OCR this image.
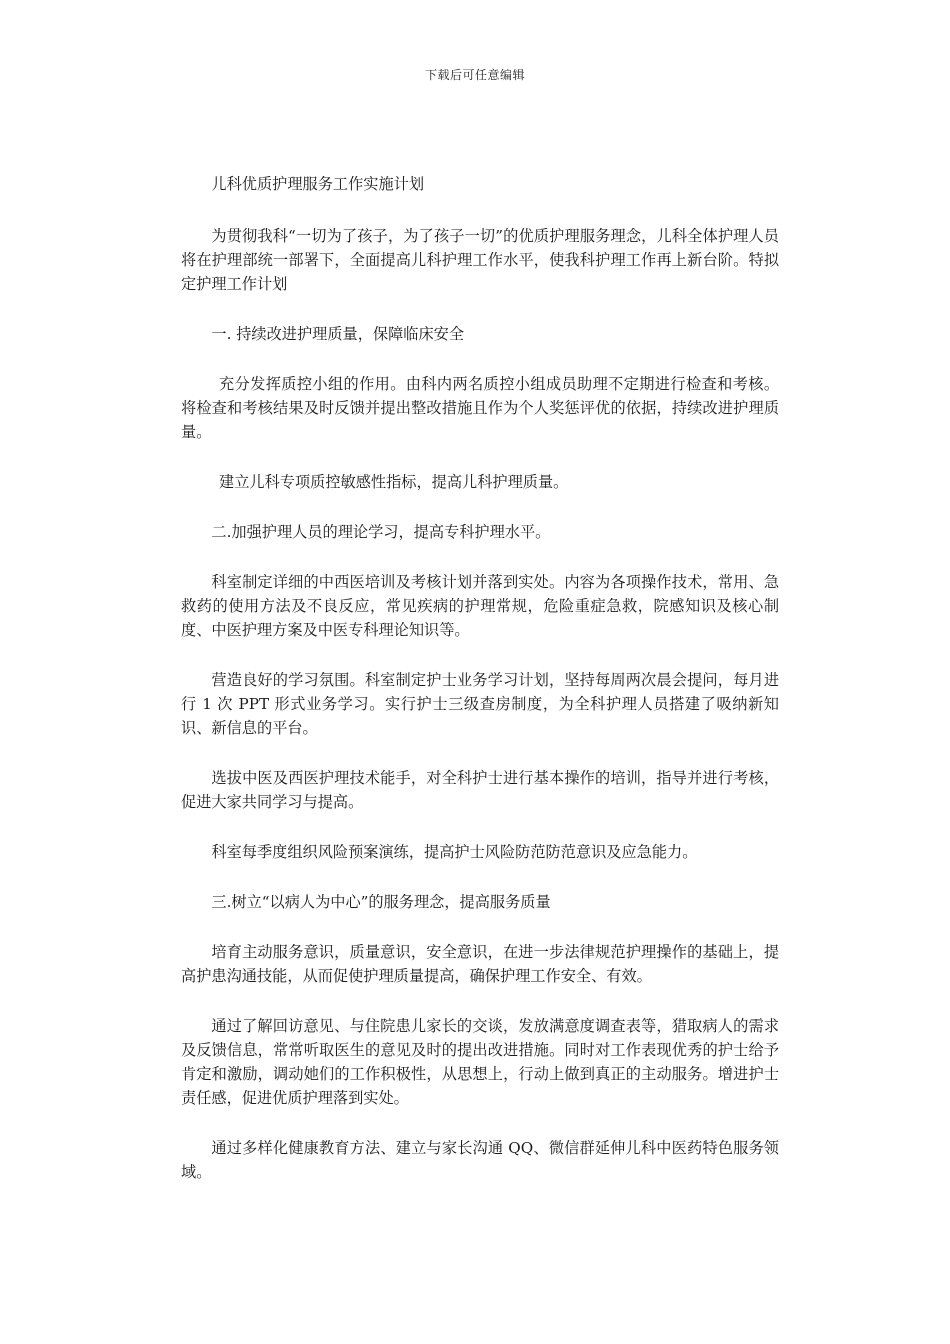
下载后可任意编辑

儿科优质护理服务工作实施计划

为贯彻我科“一切为了孩子，为了孩子一切”的优质护理服务理念，儿科全体护理人员将在护理部统一部署下，全面提高儿科护理工作水平，使我科护理工作再上新台阶。特拟定护理工作计划

一. 持续改进护理质量，保障临床安全

充分发挥质控小组的作用。由科内两名质控小组成员助理不定期进行检查和考核。将检查和考核结果及时反馈并提出整改措施且作为个人奖惩评优的依据，持续改进护理质量。

建立儿科专项质控敏感性指标，提高儿科护理质量。

二.加强护理人员的理论学习，提高专科护理水平。

科室制定详细的中西医培训及考核计划并落到实处。内容为各项操作技术，常用、急救药的使用方法及不良反应，常见疾病的护理常规，危险重症急救，院感知识及核心制度、中医护理方案及中医专科理论知识等。

营造良好的学习氛围。科室制定护士业务学习计划，坚持每周两次晨会提问，每月进行 1 次 PPT 形式业务学习。实行护士三级查房制度，为全科护理人员搭建了吸纳新知识、新信息的平台。

选拔中医及西医护理技术能手，对全科护士进行基本操作的培训，指导并进行考核，促进大家共同学习与提高。

科室每季度组织风险预案演练，提高护士风险防范防范意识及应急能力。

三.树立“以病人为中心”的服务理念，提高服务质量

培育主动服务意识，质量意识，安全意识，在进一步法律规范护理操作的基础上，提高护患沟通技能，从而促使护理质量提高，确保护理工作安全、有效。

通过了解回访意见、与住院患儿家长的交谈，发放满意度调查表等，猎取病人的需求及反馈信息，常常听取医生的意见及时的提出改进措施。同时对工作表现优秀的护士给予肯定和激励，调动她们的工作积极性，从思想上，行动上做到真正的主动服务。增进护士责任感，促进优质护理落到实处。

通过多样化健康教育方法、建立与家长沟通 QQ、微信群延伸儿科中医药特色服务领域。
